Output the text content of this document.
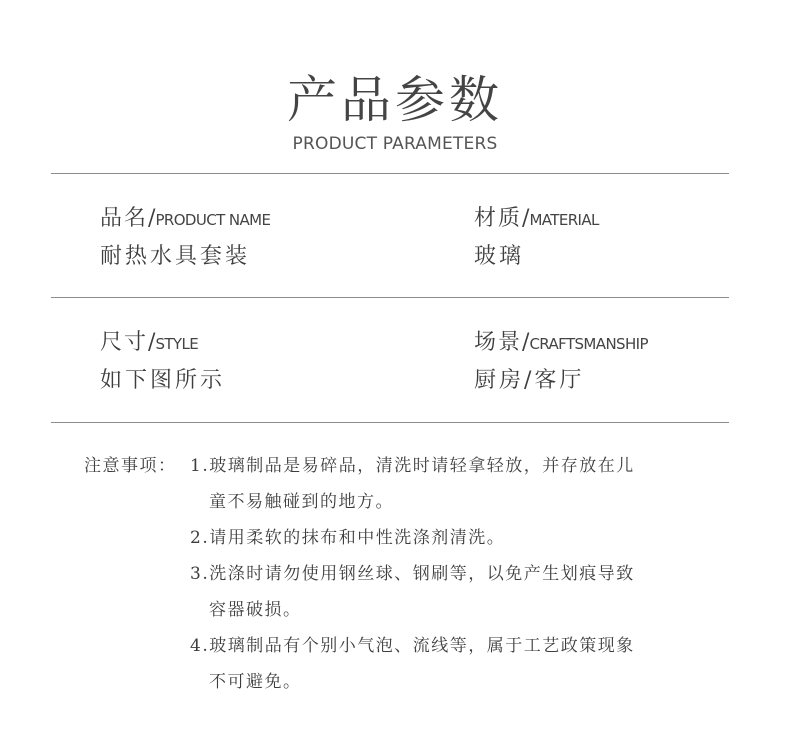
产品参数
PRODUCT PARAMETERS
品名/PRODUCT NAME
耐热水具套装
材质/MATERIAL
玻璃
尺寸/STYLE
如下图所示
场景/CRAFTSMANSHIP
厨房/客厅
注意事项： 1.玻璃制品是易碎品，清洗时请轻拿轻放，并存放在儿
童不易触碰到的地方。
2.请用柔软的抹布和中性洗涤剂清洗。
3.洗涤时请勿使用钢丝球、钢刷等，以免产生划痕导致
容器破损。
4.玻璃制品有个别小气泡、流线等，属于工艺政策现象
不可避免。
